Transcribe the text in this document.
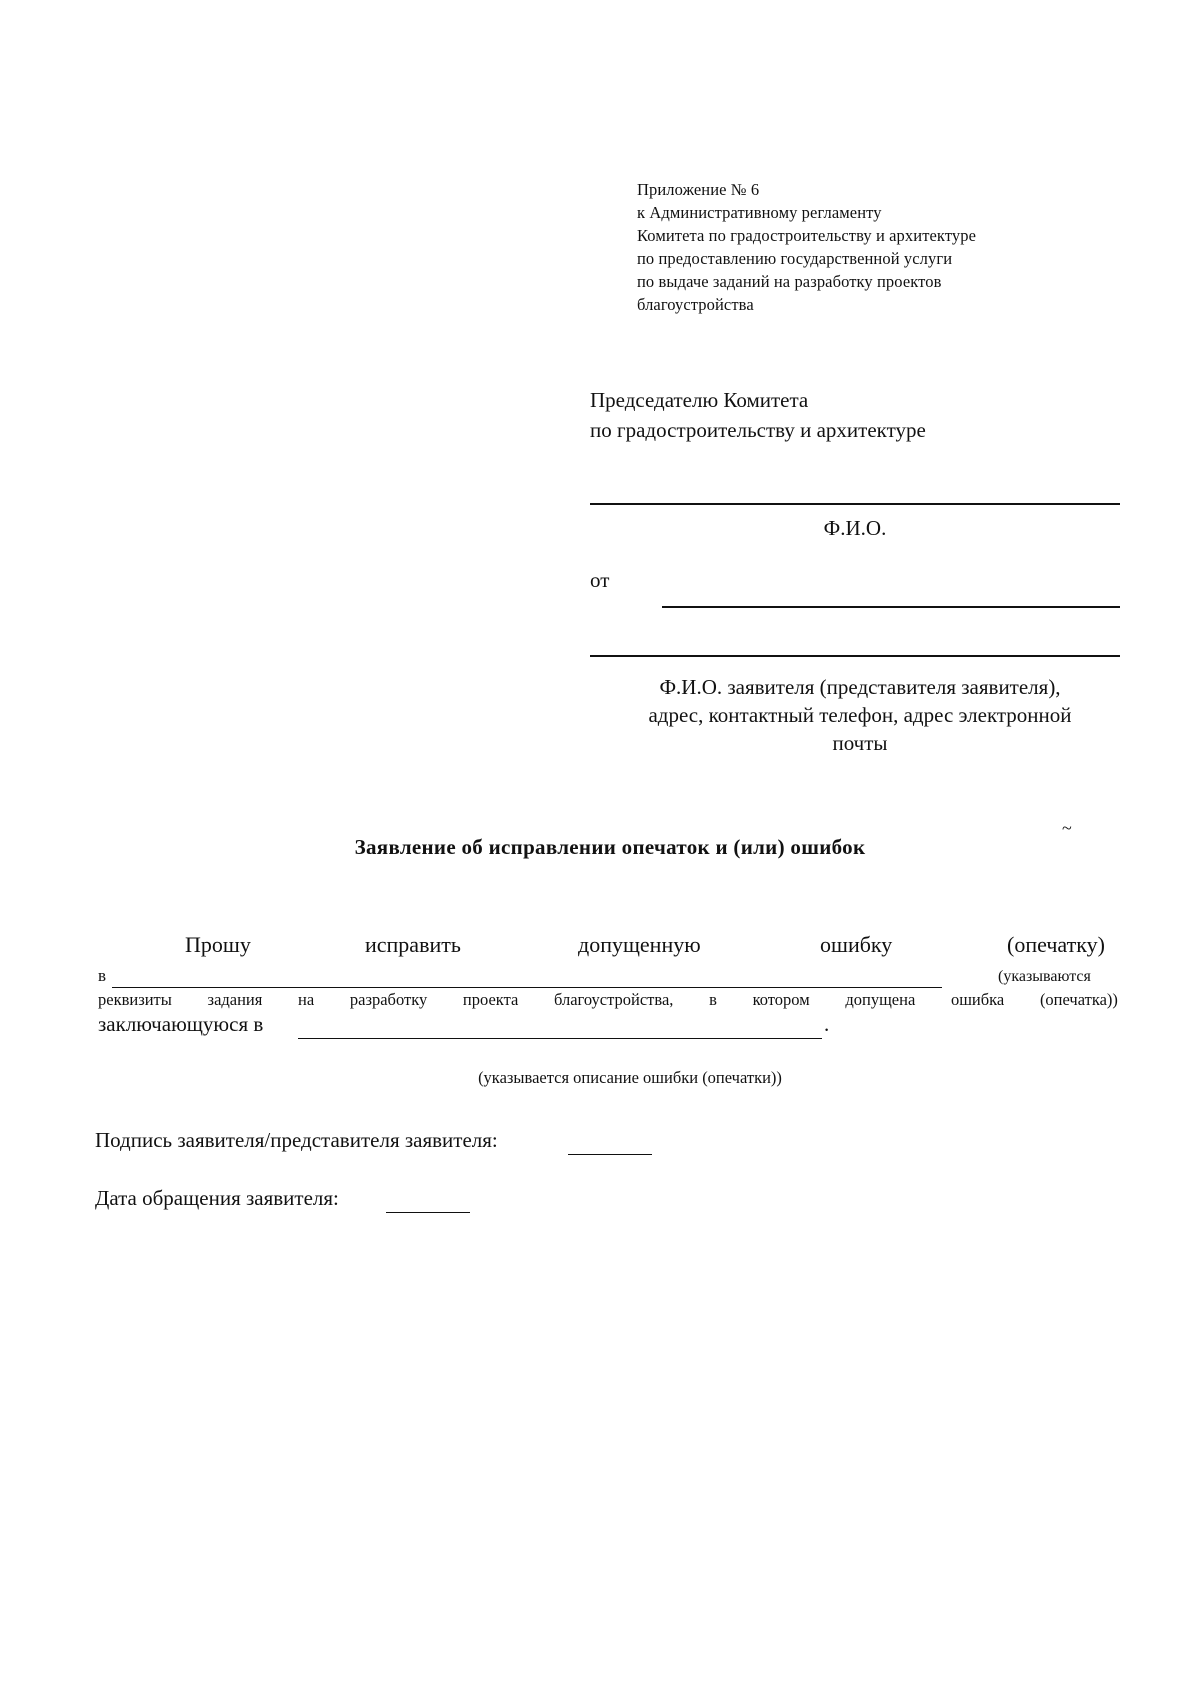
Приложение № 6
к Административному регламенту
Комитета по градостроительству и архитектуре
по предоставлению государственной услуги
по выдаче заданий на разработку проектов
благоустройства
Председателю Комитета
по градостроительству и архитектуре
Ф.И.О.
от
Ф.И.О. заявителя (представителя заявителя),
адрес, контактный телефон, адрес электронной
почты
~
Заявление об исправлении опечаток и (или) ошибок
Прошу	исправить	допущенную	ошибку	(опечатку)
в	(указываются
реквизиты задания на разработку проекта благоустройства, в котором допущена ошибка (опечатка))
заключающуюся в	.
(указывается описание ошибки (опечатки))
Подпись заявителя/представителя заявителя:
Дата обращения заявителя:
